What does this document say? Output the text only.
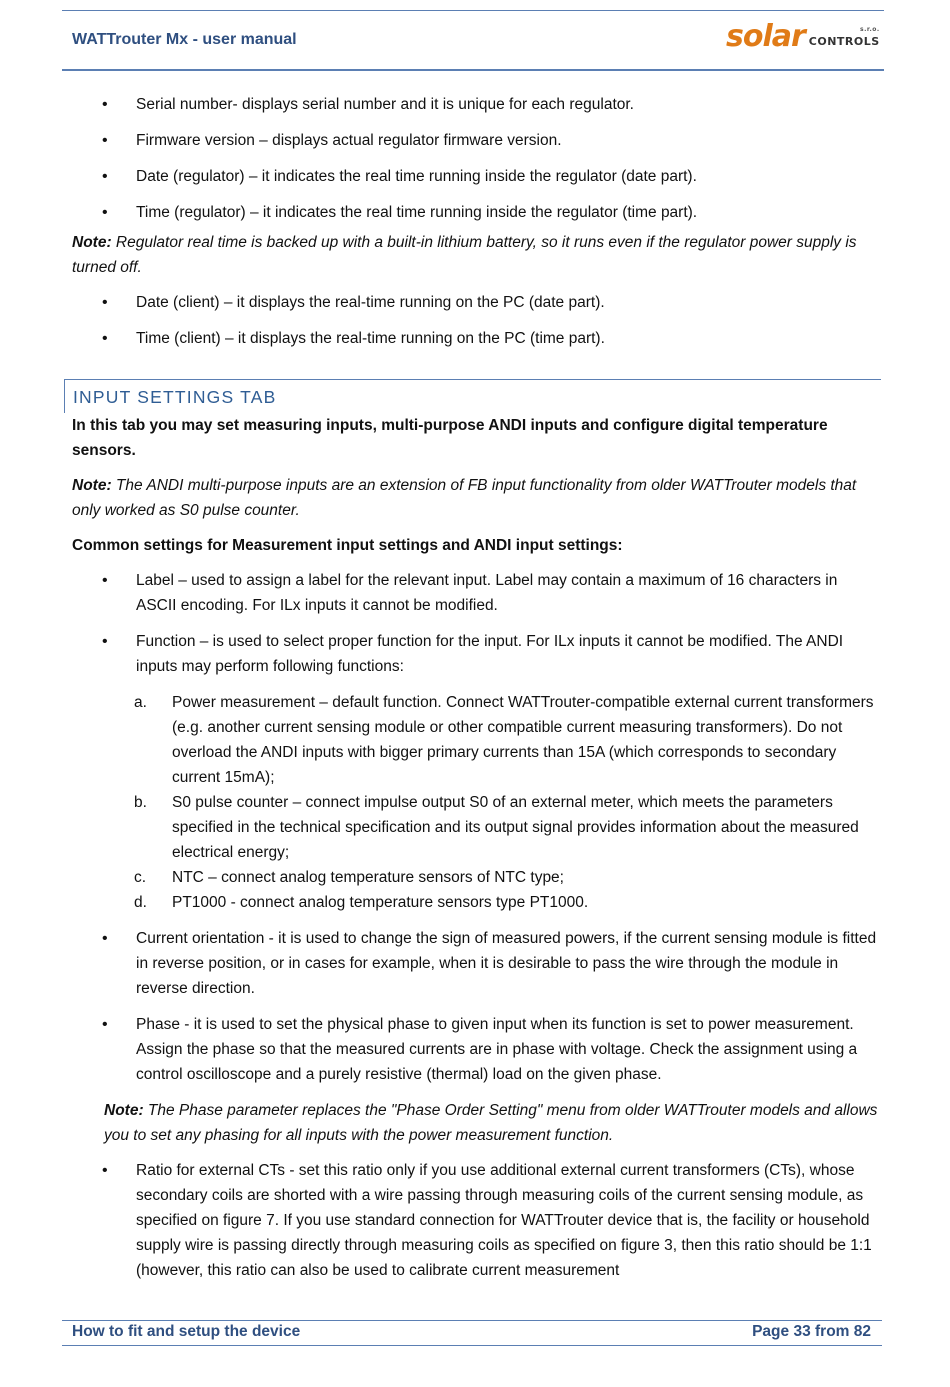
WATTrouter Mx - user manual	solar	s.r.o.
CONTROLS
• Serial number- displays serial number and it is unique for each regulator.
• Firmware version – displays actual regulator firmware version.
• Date (regulator) – it indicates the real time running inside the regulator (date part).
• Time (regulator) – it indicates the real time running inside the regulator (time part).
Note: Regulator real time is backed up with a built-in lithium battery, so it runs even if the regulator power supply is turned off.
• Date (client) – it displays the real-time running on the PC (date part).
• Time (client) – it displays the real-time running on the PC (time part).
INPUT SETTINGS TAB
In this tab you may set measuring inputs, multi-purpose ANDI inputs and configure digital temperature sensors.
Note: The ANDI multi-purpose inputs are an extension of FB input functionality from older WATTrouter models that only worked as S0 pulse counter.
Common settings for Measurement input settings and ANDI input settings:
• Label – used to assign a label for the relevant input. Label may contain a maximum of 16 characters in ASCII encoding. For ILx inputs it cannot be modified.
• Function – is used to select proper function for the input. For ILx inputs it cannot be modified. The ANDI inputs may perform following functions:
a. Power measurement – default function. Connect WATTrouter-compatible external current transformers (e.g. another current sensing module or other compatible current measuring transformers). Do not overload the ANDI inputs with bigger primary currents than 15A (which corresponds to secondary current 15mA);
b. S0 pulse counter – connect impulse output S0 of an external meter, which meets the parameters specified in the technical specification and its output signal provides information about the measured electrical energy;
c. NTC – connect analog temperature sensors of NTC type;
d. PT1000 - connect analog temperature sensors type PT1000.
• Current orientation - it is used to change the sign of measured powers, if the current sensing module is fitted in reverse position, or in cases for example, when it is desirable to pass the wire through the module in reverse direction.
• Phase - it is used to set the physical phase to given input when its function is set to power measurement. Assign the phase so that the measured currents are in phase with voltage. Check the assignment using a control oscilloscope and a purely resistive (thermal) load on the given phase.
Note: The Phase parameter replaces the "Phase Order Setting" menu from older WATTrouter models and allows you to set any phasing for all inputs with the power measurement function.
• Ratio for external CTs - set this ratio only if you use additional external current transformers (CTs), whose secondary coils are shorted with a wire passing through measuring coils of the current sensing module, as specified on figure 7. If you use standard connection for WATTrouter device that is, the facility or household supply wire is passing directly through measuring coils as specified on figure 3, then this ratio should be 1:1 (however, this ratio can also be used to calibrate current measurement
How to fit and setup the device	Page 33 from 82
